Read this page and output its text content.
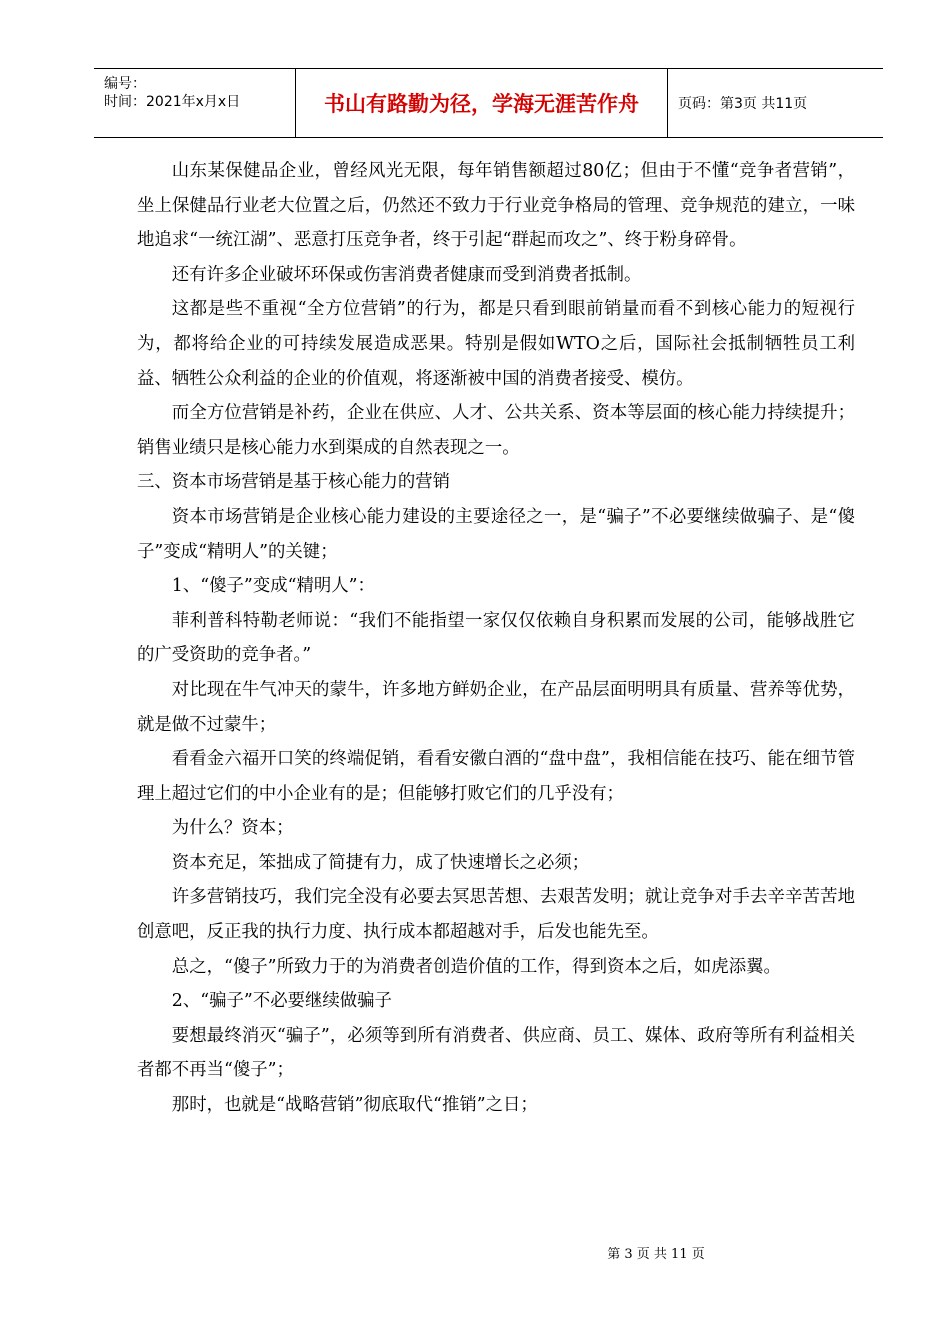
编号：
时间：2021年x月x日	书山有路勤为径，学海无涯苦作舟	页码：第3页 共11页

山东某保健品企业，曾经风光无限，每年销售额超过80亿；但由于不懂“竞争者营销”，坐上保健品行业老大位置之后，仍然还不致力于行业竞争格局的管理、竞争规范的建立，一味地追求“一统江湖”、恶意打压竞争者，终于引起“群起而攻之”、终于粉身碎骨。

还有许多企业破坏环保或伤害消费者健康而受到消费者抵制。

这都是些不重视“全方位营销”的行为，都是只看到眼前销量而看不到核心能力的短视行为，都将给企业的可持续发展造成恶果。特别是假如WTO之后，国际社会抵制牺牲员工利益、牺牲公众利益的企业的价值观，将逐渐被中国的消费者接受、模仿。

而全方位营销是补药，企业在供应、人才、公共关系、资本等层面的核心能力持续提升；销售业绩只是核心能力水到渠成的自然表现之一。

三、资本市场营销是基于核心能力的营销

资本市场营销是企业核心能力建设的主要途径之一，是“骗子”不必要继续做骗子、是“傻子”变成“精明人”的关键；

1、“傻子”变成“精明人”：

菲利普科特勒老师说：“我们不能指望一家仅仅依赖自身积累而发展的公司，能够战胜它的广受资助的竞争者。”

对比现在牛气冲天的蒙牛，许多地方鲜奶企业，在产品层面明明具有质量、营养等优势，就是做不过蒙牛；

看看金六福开口笑的终端促销，看看安徽白酒的“盘中盘”，我相信能在技巧、能在细节管理上超过它们的中小企业有的是；但能够打败它们的几乎没有；

为什么？资本；

资本充足，笨拙成了简捷有力，成了快速增长之必须；

许多营销技巧，我们完全没有必要去冥思苦想、去艰苦发明；就让竞争对手去辛辛苦苦地创意吧，反正我的执行力度、执行成本都超越对手，后发也能先至。

总之，“傻子”所致力于的为消费者创造价值的工作，得到资本之后，如虎添翼。

2、“骗子”不必要继续做骗子

要想最终消灭“骗子”，必须等到所有消费者、供应商、员工、媒体、政府等所有利益相关者都不再当“傻子”；

那时，也就是“战略营销”彻底取代“推销”之日；

第 3 页 共 11 页
